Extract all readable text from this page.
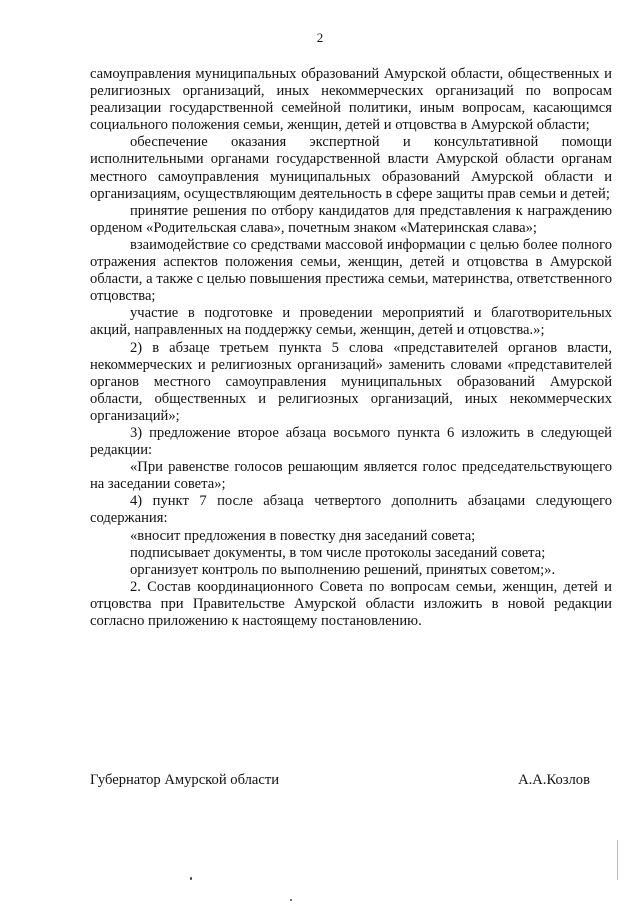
2

самоуправления муниципальных образований Амурской области, общественных и религиозных организаций, иных некоммерческих организаций по вопросам реализации государственной семейной политики, иным вопросам, касающимся социального положения семьи, женщин, детей и отцовства в Амурской области;

обеспечение оказания экспертной и консультативной помощи исполнительными органами государственной власти Амурской области органам местного самоуправления муниципальных образований Амурской области и организациям, осуществляющим деятельность в сфере защиты прав семьи и детей;

принятие решения по отбору кандидатов для представления к награждению орденом «Родительская слава», почетным знаком «Материнская слава»;

взаимодействие со средствами массовой информации с целью более полного отражения аспектов положения семьи, женщин, детей и отцовства в Амурской области, а также с целью повышения престижа семьи, материнства, ответственного отцовства;

участие в подготовке и проведении мероприятий и благотворительных акций, направленных на поддержку семьи, женщин, детей и отцовства.»;

2) в абзаце третьем пункта 5 слова «представителей органов власти, некоммерческих и религиозных организаций» заменить словами «представителей органов местного самоуправления муниципальных образований Амурской области, общественных и религиозных организаций, иных некоммерческих организаций»;

3) предложение второе абзаца восьмого пункта 6 изложить в следующей редакции:

«При равенстве голосов решающим является голос председательствующего на заседании совета»;

4) пункт 7 после абзаца четвертого дополнить абзацами следующего содержания:

«вносит предложения в повестку дня заседаний совета;

подписывает документы, в том числе протоколы заседаний совета;

организует контроль по выполнению решений, принятых советом;».

2. Состав координационного Совета по вопросам семьи, женщин, детей и отцовства при Правительстве Амурской области изложить в новой редакции согласно приложению к настоящему постановлению.

Губернатор Амурской области	А.А.Козлов
